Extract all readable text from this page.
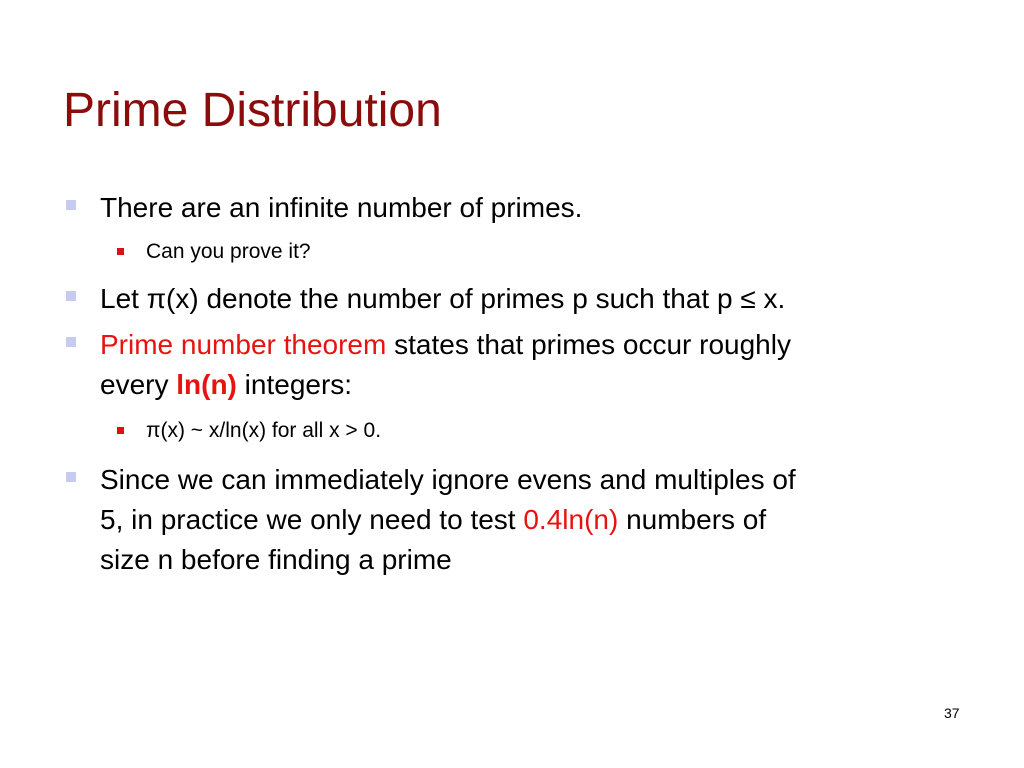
Prime Distribution
There are an infinite number of primes.
Can you prove it?
Let π(x) denote the number of primes p such that p ≤ x.
Prime number theorem states that primes occur roughly
every ln(n) integers:
π(x) ~ x/ln(x) for all x > 0.
Since we can immediately ignore evens and multiples of
5, in practice we only need to test 0.4ln(n) numbers of
size n before finding a prime
37
